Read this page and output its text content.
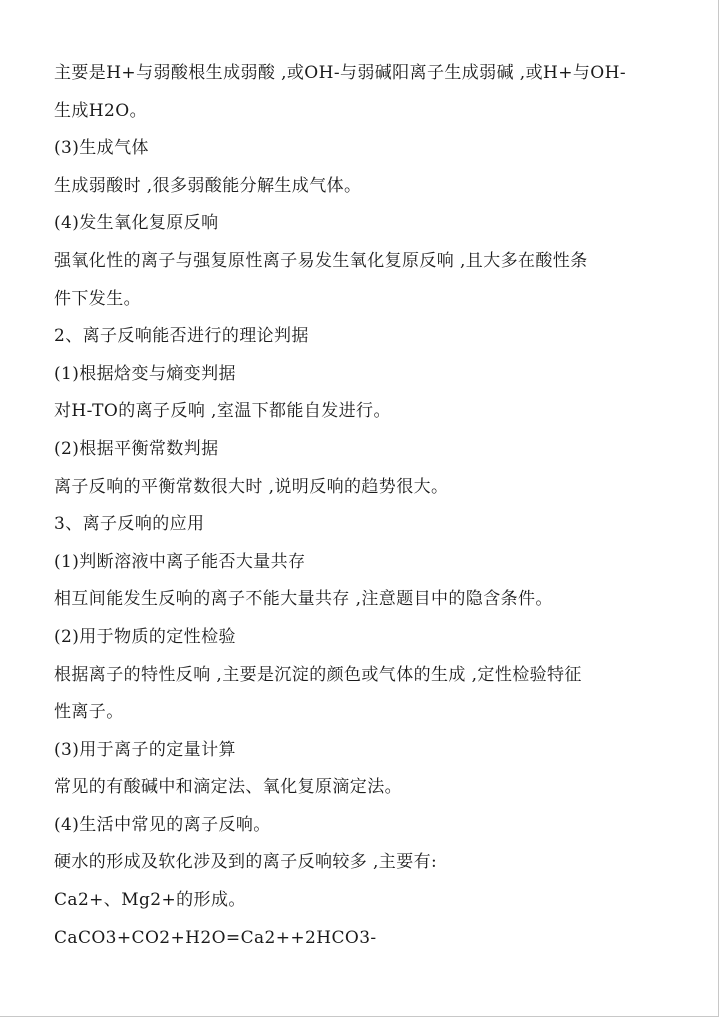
主要是H+与弱酸根生成弱酸 ,或OH-与弱碱阳离子生成弱碱 ,或H+与OH-
生成H2O。
(3)生成气体
生成弱酸时 ,很多弱酸能分解生成气体。
(4)发生氧化复原反响
强氧化性的离子与强复原性离子易发生氧化复原反响 ,且大多在酸性条
件下发生。
2、离子反响能否进行的理论判据
(1)根据焓变与熵变判据
对H-TO的离子反响 ,室温下都能自发进行。
(2)根据平衡常数判据
离子反响的平衡常数很大时 ,说明反响的趋势很大。
3、离子反响的应用
(1)判断溶液中离子能否大量共存
相互间能发生反响的离子不能大量共存 ,注意题目中的隐含条件。
(2)用于物质的定性检验
根据离子的特性反响 ,主要是沉淀的颜色或气体的生成 ,定性检验特征
性离子。
(3)用于离子的定量计算
常见的有酸碱中和滴定法、氧化复原滴定法。
(4)生活中常见的离子反响。
硬水的形成及软化涉及到的离子反响较多 ,主要有:
Ca2+、Mg2+的形成。
CaCO3+CO2+H2O=Ca2++2HCO3-
